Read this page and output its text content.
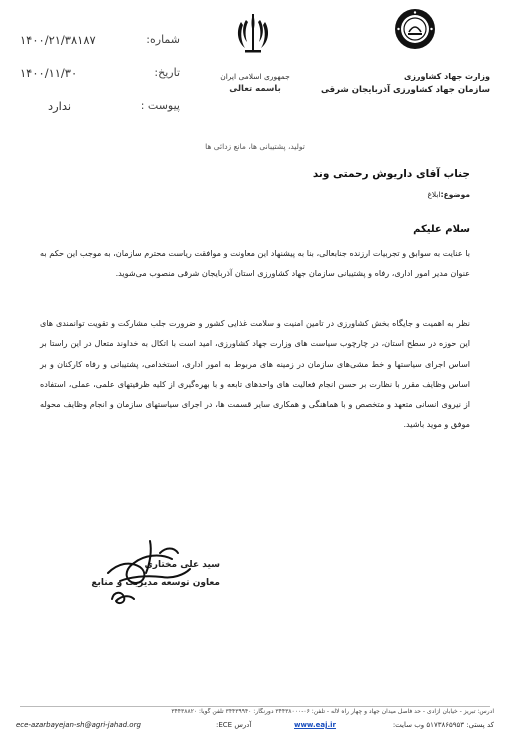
۱۴۰۰/۲۱/۳۸۱۸۷	شماره:
۱۴۰۰/۱۱/۳۰	تاریخ:
ندارد	پیوست :
جمهوری اسلامی ایران
باسمه تعالی
وزارت جهاد کشاورزی
سازمان جهاد کشاورزی آذربایجان شرقی
تولید، پشتیبانی ها، مانع زدائی ها
جناب آقای داریوش رحمتی وند
موضوع:ابلاغ
سلام علیکم
با عنایت به سوابق و تجربیات ارزنده جنابعالی، بنا به پیشنهاد این معاونت و موافقت ریاست محترم سازمان، به موجب این حکم به عنوان مدیر امور اداری، رفاه و پشتیبانی سازمان جهاد کشاورزی استان آذربایجان شرقی منصوب می‌شوید.
نظر به اهمیت و جایگاه بخش کشاورزی در تامین امنیت و سلامت غذایی کشور و ضرورت جلب مشارکت و تقویت توانمندی های این حوزه در سطح استان، در چارچوب سیاست های وزارت جهاد کشاورزی، امید است با اتکال به خداوند متعال در این راستا بر اساس اجرای سیاستها و خط مشی‌های سازمان در زمینه های مربوط به امور اداری، استخدامی، پشتیبانی و رفاه کارکنان و بر اساس وظایف مقرر با نظارت بر حسن انجام فعالیت های واحدهای تابعه و با بهره‌گیری از کلیه ظرفیتهای علمی، عملی، استفاده از نیروی انسانی متعهد و متخصص و با هماهنگی و همکاری سایر قسمت ها، در اجرای سیاستهای سازمان و انجام وظایف محوله موفق و موید باشید.
سید علی مختاری
معاون توسعه مدیریت و منابع
آدرس: تبریز - خیابان آزادی - حد فاصل میدان جهاد و چهار راه لاله - تلفن: ۰۶-۳۴۴۳۸۰۰۰ دورنگار: ۳۴۴۳۹۹۴۰ تلفن گویا: ۳۴۴۳۸۸۲۰
ece-azarbayejan-sh@agri-jahad.org	www.eaj.ir	کد پستی: ۵۱۷۳۸۶۵۹۵۳ وب سایت:
آدرس ECE:
